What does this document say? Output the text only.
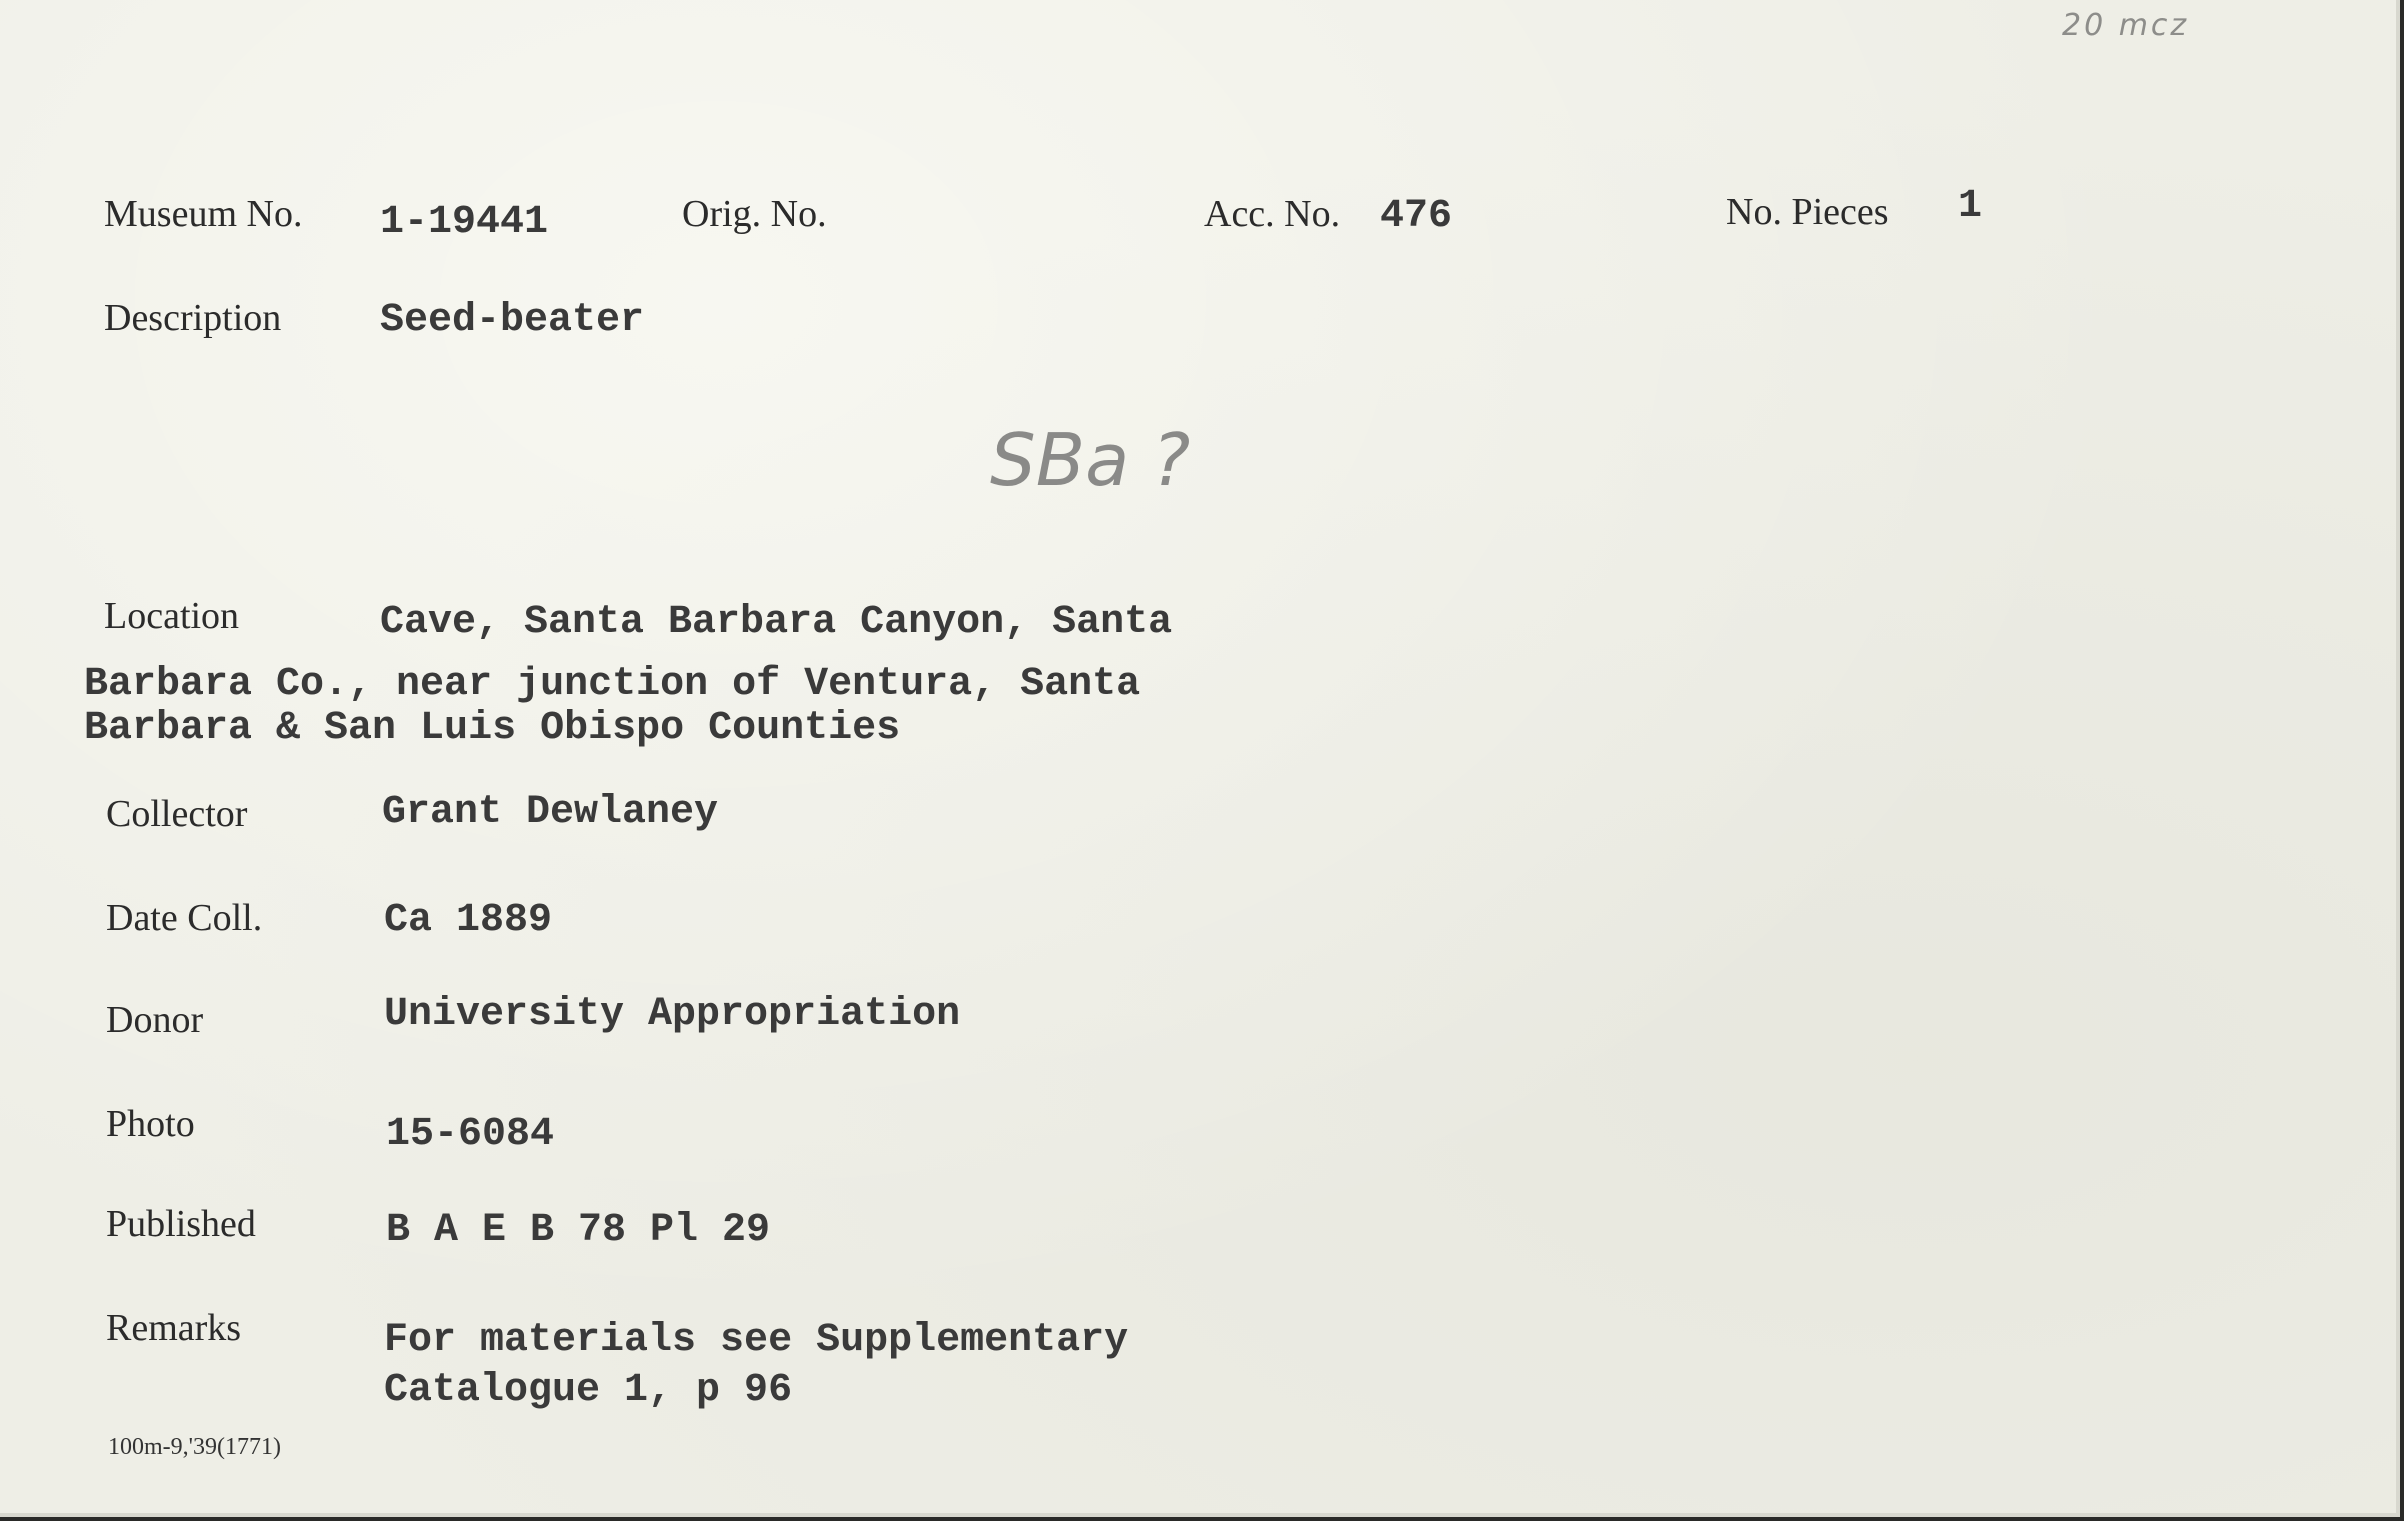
20 mcz
Museum No. 1-19441	Orig. No.	Acc. No. 476	No. Pieces 1
Description Seed-beater
SBa ?
Location	Cave, Santa Barbara Canyon, Santa
Barbara Co., near junction of Ventura, Santa
Barbara & San Luis Obispo Counties
Collector	Grant Dewlaney
Date Coll.	Ca 1889
Donor	University Appropriation
Photo	15-6084
Published	B A E B 78 Pl 29
Remarks	For materials see Supplementary
Catalogue 1, p 96
100m-9,'39(1771)
